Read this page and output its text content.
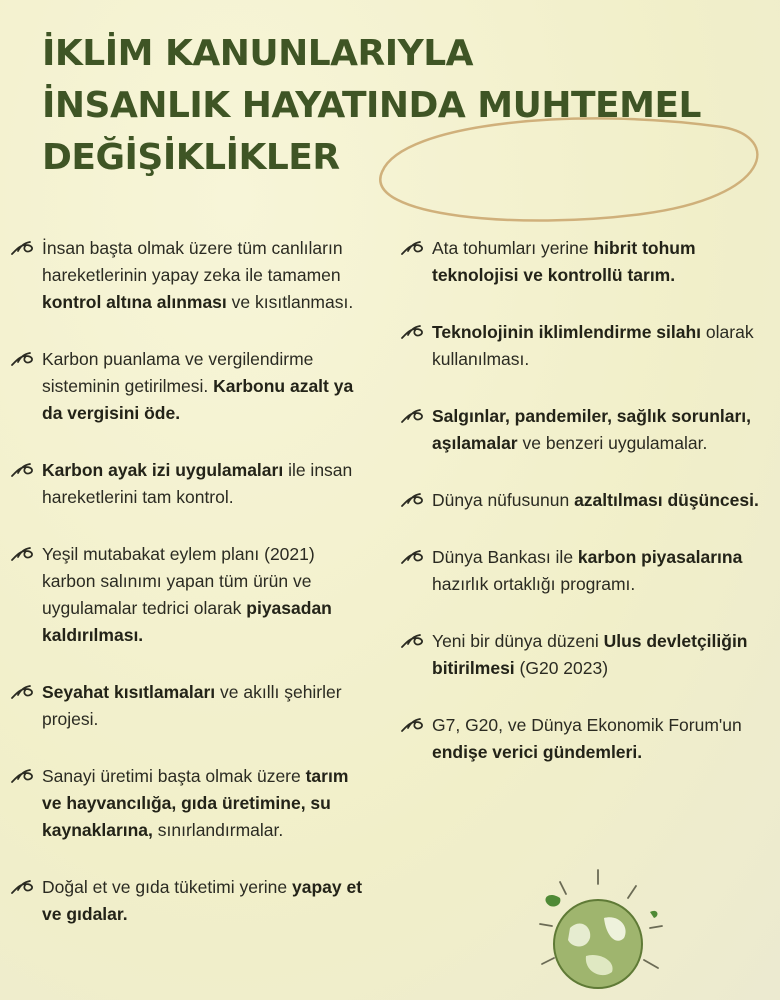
İKLİM KANUNLARIYLA
İNSANLIK HAYATINDA MUHTEMEL
DEĞİŞİKLİKLER
İnsan başta olmak üzere tüm canlıların hareketlerinin yapay zeka ile tamamen kontrol altına alınması ve kısıtlanması.
Karbon puanlama ve vergilendirme sisteminin getirilmesi. Karbonu azalt ya da vergisini öde.
Karbon ayak izi uygulamaları ile insan hareketlerini tam kontrol.
Yeşil mutabakat eylem planı (2021) karbon salınımı yapan tüm ürün ve uygulamalar tedrici olarak piyasadan kaldırılması.
Seyahat kısıtlamaları ve akıllı şehirler projesi.
Sanayi üretimi başta olmak üzere tarım ve hayvancılığa, gıda üretimine, su kaynaklarına, sınırlandırmalar.
Doğal et ve gıda tüketimi yerine yapay et ve gıdalar.
Ata tohumları yerine hibrit tohum teknolojisi ve kontrollü tarım.
Teknolojinin iklimlendirme silahı olarak kullanılması.
Salgınlar, pandemiler, sağlık sorunları, aşılamalar ve benzeri uygulamalar.
Dünya nüfusunun azaltılması düşüncesi.
Dünya Bankası ile karbon piyasalarına hazırlık ortaklığı programı.
Yeni bir dünya düzeni Ulus devletçiliğin bitirilmesi (G20 2023)
G7, G20, ve Dünya Ekonomik Forum'un endişe verici gündemleri.
